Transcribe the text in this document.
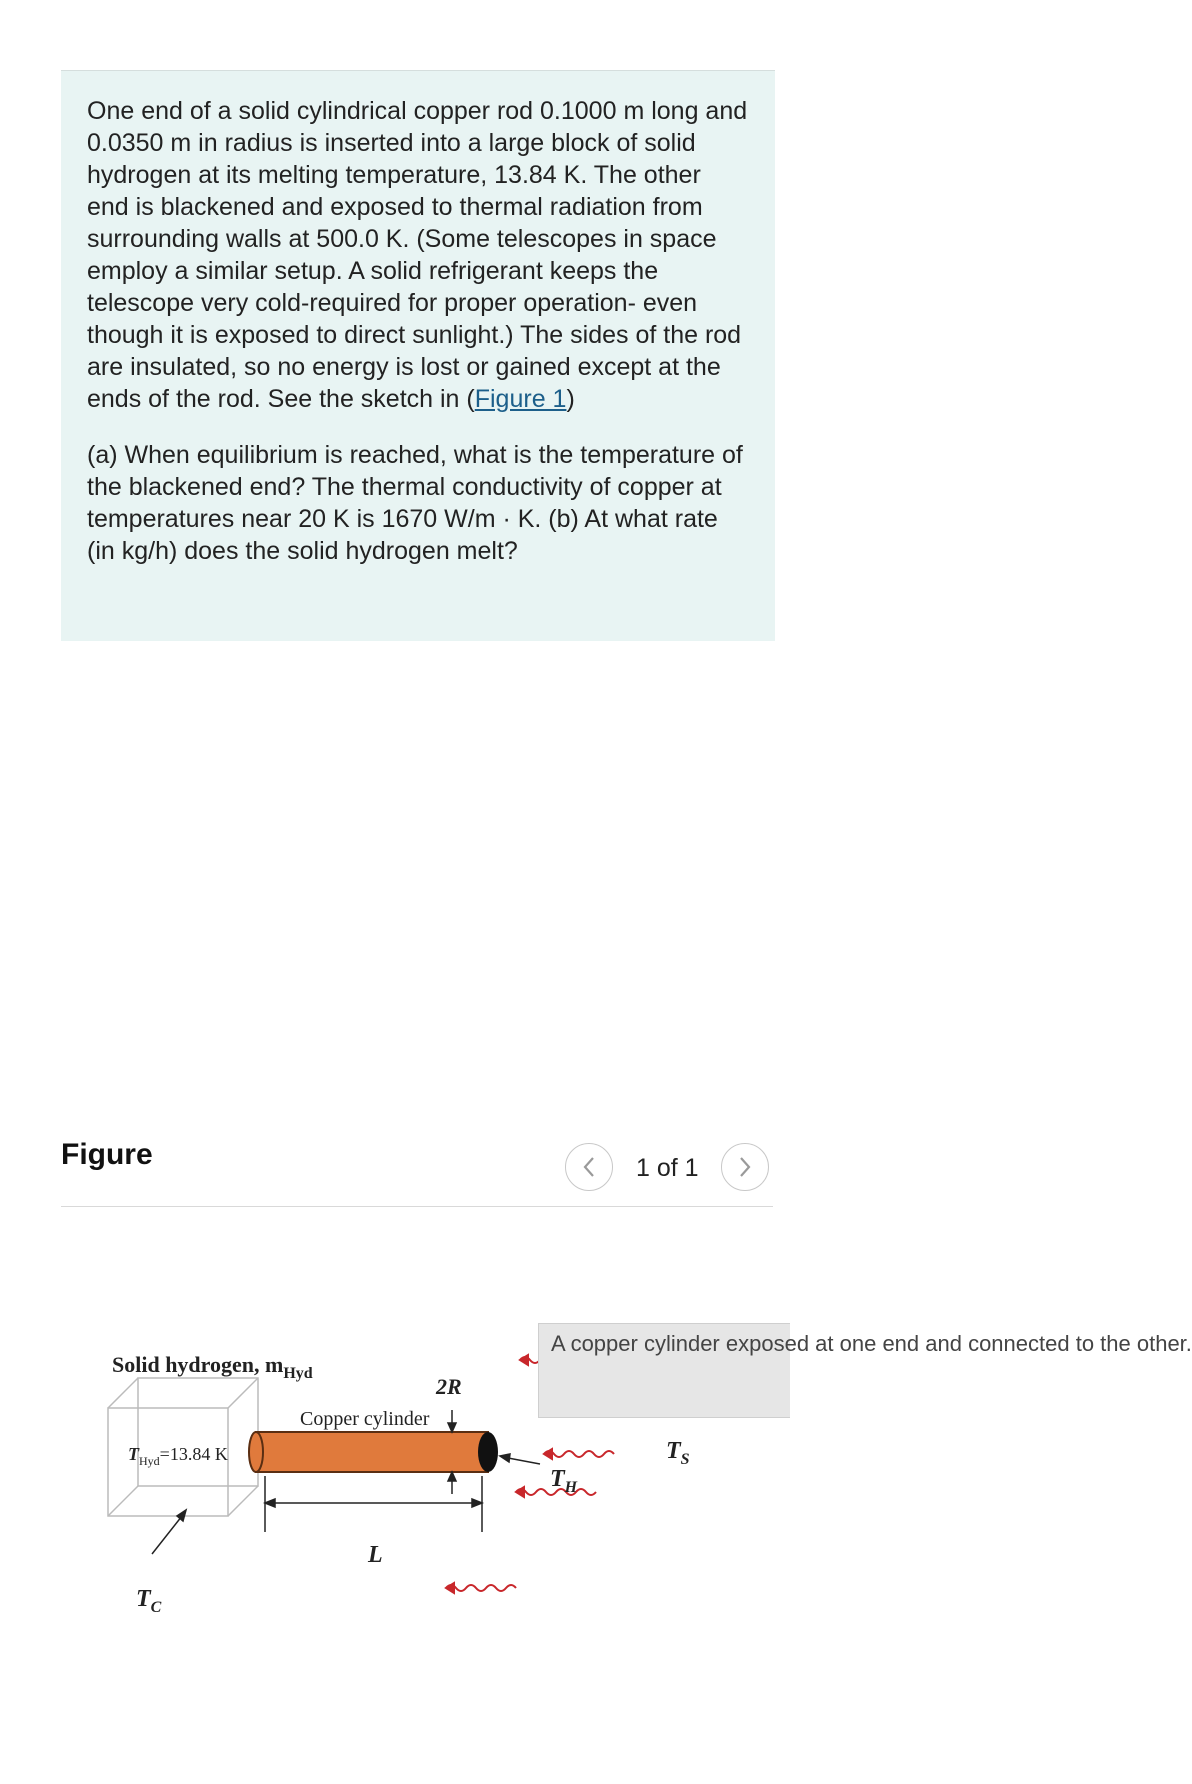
One end of a solid cylindrical copper rod 0.1000 m long and 0.0350 m in radius is inserted into a large block of solid hydrogen at its melting temperature, 13.84 K. The other end is blackened and exposed to thermal radiation from surrounding walls at 500.0 K. (Some telescopes in space employ a similar setup. A solid refrigerant keeps the telescope very cold-required for proper operation- even though it is exposed to direct sunlight.) The sides of the rod are insulated, so no energy is lost or gained except at the ends of the rod. See the sketch in (Figure 1)

(a) When equilibrium is reached, what is the temperature of the blackened end? The thermal conductivity of copper at temperatures near 20 K is 1670 W/m · K. (b) At what rate (in kg/h) does the solid hydrogen melt?

Figure	1 of 1
Solid hydrogen, $m_{Hyd}$
2R
Copper cylinder
$T_{Hyd}=13.84$ K	$T_S$
$T_H$
L
$T_C$
A copper cylinder exposed at one end and connected to the other.
